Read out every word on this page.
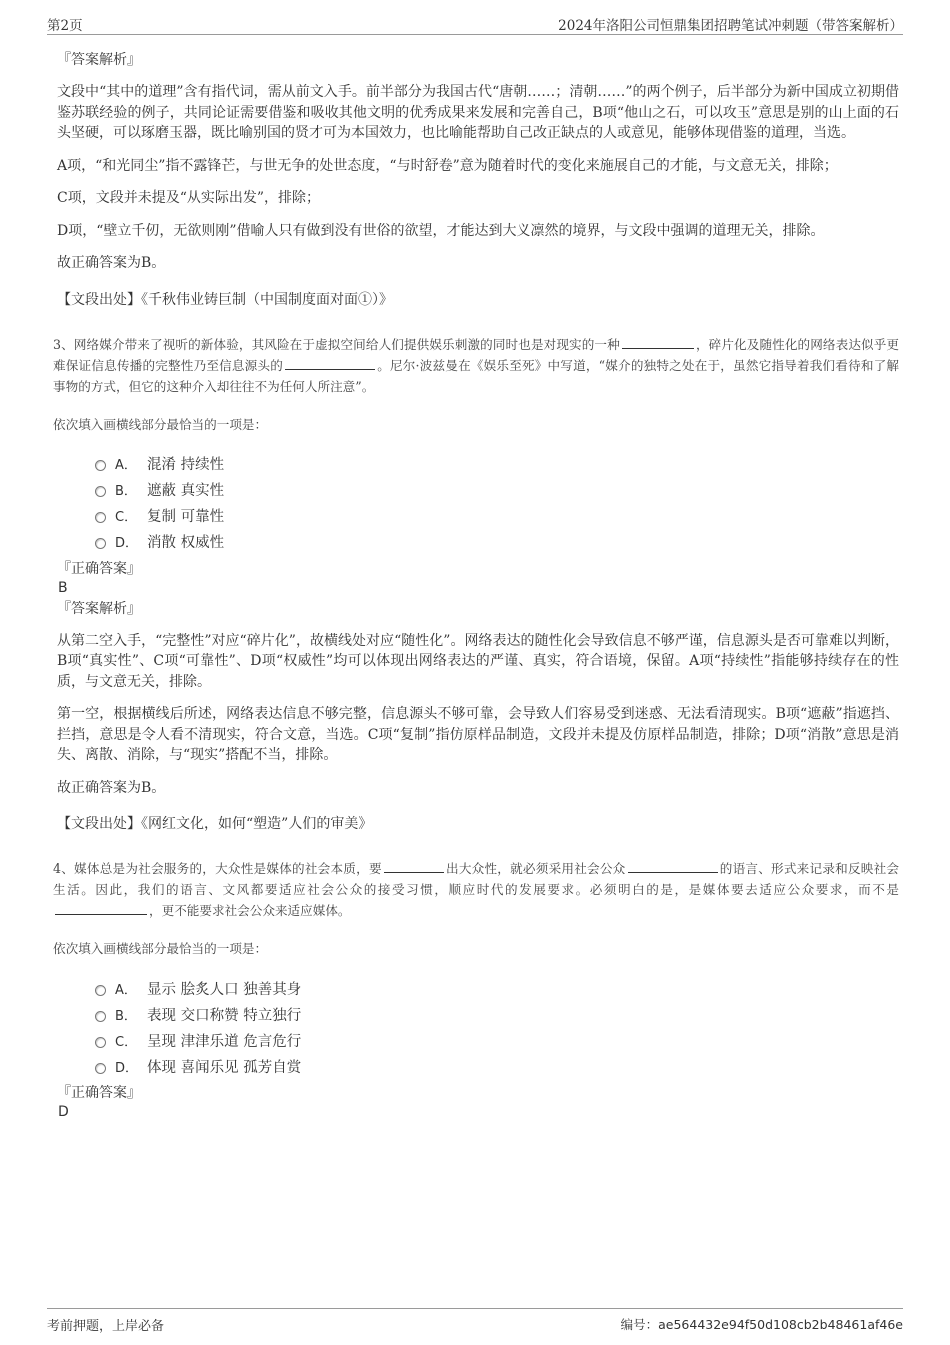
第2页	2024年洛阳公司恒鼎集团招聘笔试冲刺题（带答案解析）
『答案解析』

文段中“其中的道理”含有指代词，需从前文入手。前半部分为我国古代“唐朝……；清朝……”的两个例子，后半部分为新中国成立初期借鉴苏联经验的例子，共同论证需要借鉴和吸收其他文明的优秀成果来发展和完善自己，B项“他山之石，可以攻玉”意思是别的山上面的石头坚硬，可以琢磨玉器，既比喻别国的贤才可为本国效力，也比喻能帮助自己改正缺点的人或意见，能够体现借鉴的道理，当选。

A项，“和光同尘”指不露锋芒，与世无争的处世态度，“与时舒卷”意为随着时代的变化来施展自己的才能，与文意无关，排除；

C项，文段并未提及“从实际出发”，排除；

D项，“壁立千仞，无欲则刚”借喻人只有做到没有世俗的欲望，才能达到大义凛然的境界，与文段中强调的道理无关，排除。

故正确答案为B。

【文段出处】《千秋伟业铸巨制（中国制度面对面①）》

3、网络媒介带来了视听的新体验，其风险在于虚拟空间给人们提供娱乐刺激的同时也是对现实的一种	，碎片化及随性化的网络表达似乎更难保证信息传播的完整性乃至信息源头的	。尼尔·波兹曼在《娱乐至死》中写道，“媒介的独特之处在于，虽然它指导着我们看待和了解事物的方式，但它的这种介入却往往不为任何人所注意”。

依次填入画横线部分最恰当的一项是：

A． 混淆 持续性
B． 遮蔽 真实性
C． 复制 可靠性
D． 消散 权威性
『正确答案』
B
『答案解析』

从第二空入手，“完整性”对应“碎片化”，故横线处对应“随性化”。网络表达的随性化会导致信息不够严谨，信息源头是否可靠难以判断，B项“真实性”、C项“可靠性”、D项“权威性”均可以体现出网络表达的严谨、真实，符合语境，保留。A项“持续性”指能够持续存在的性质，与文意无关，排除。

第一空，根据横线后所述，网络表达信息不够完整，信息源头不够可靠，会导致人们容易受到迷惑、无法看清现实。B项“遮蔽”指遮挡、拦挡，意思是令人看不清现实，符合文意，当选。C项“复制”指仿原样品制造，文段并未提及仿原样品制造，排除；D项“消散”意思是消失、离散、消除，与“现实”搭配不当，排除。

故正确答案为B。

【文段出处】《网红文化，如何“塑造”人们的审美》

4、媒体总是为社会服务的，大众性是媒体的社会本质，要	出大众性，就必须采用社会公众	的语言、形式来记录和反映社会生活。因此，我们的语言、文风都要适应社会公众的接受习惯，顺应时代的发展要求。必须明白的是，是媒体要去适应公众要求，而不是，更不能要求社会公众来适应媒体。

依次填入画横线部分最恰当的一项是：

A． 显示 脍炙人口 独善其身
B． 表现 交口称赞 特立独行
C． 呈现 津津乐道 危言危行
D． 体现 喜闻乐见 孤芳自赏
『正确答案』
D
考前押题，上岸必备	编号：ae564432e94f50d108cb2b48461af46e
